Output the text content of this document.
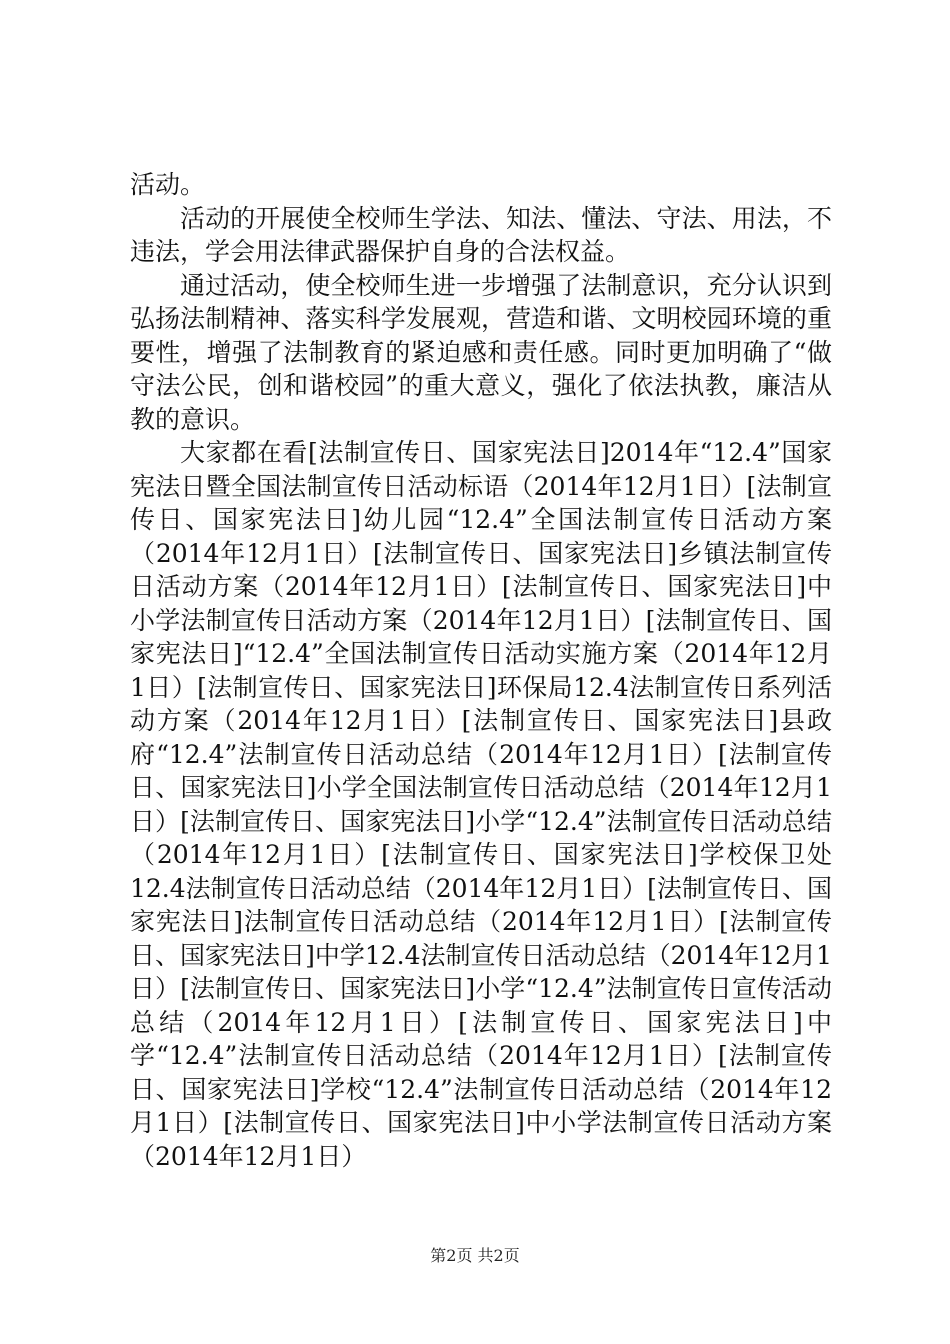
活动。

活动的开展使全校师生学法、知法、懂法、守法、用法，不违法，学会用法律武器保护自身的合法权益。

通过活动，使全校师生进一步增强了法制意识，充分认识到弘扬法制精神、落实科学发展观，营造和谐、文明校园环境的重要性，增强了法制教育的紧迫感和责任感。同时更加明确了“做守法公民，创和谐校园”的重大意义，强化了依法执教，廉洁从教的意识。

大家都在看[法制宣传日、国家宪法日]2014年“12.4”国家宪法日暨全国法制宣传日活动标语（2014年12月1日）[法制宣传日、国家宪法日]幼儿园“12.4”全国法制宣传日活动方案（2014年12月1日）[法制宣传日、国家宪法日]乡镇法制宣传日活动方案（2014年12月1日）[法制宣传日、国家宪法日]中小学法制宣传日活动方案（2014年12月1日）[法制宣传日、国家宪法日]“12.4”全国法制宣传日活动实施方案（2014年12月1日）[法制宣传日、国家宪法日]环保局12.4法制宣传日系列活动方案（2014年12月1日）[法制宣传日、国家宪法日]县政府“12.4”法制宣传日活动总结（2014年12月1日）[法制宣传日、国家宪法日]小学全国法制宣传日活动总结（2014年12月1日）[法制宣传日、国家宪法日]小学“12.4”法制宣传日活动总结（2014年12月1日）[法制宣传日、国家宪法日]学校保卫处12.4法制宣传日活动总结（2014年12月1日）[法制宣传日、国家宪法日]法制宣传日活动总结（2014年12月1日）[法制宣传日、国家宪法日]中学12.4法制宣传日活动总结（2014年12月1日）[法制宣传日、国家宪法日]小学“12.4”法制宣传日宣传活动总结（2014年12月1日）[法制宣传日、国家宪法日]中学“12.4”法制宣传日活动总结（2014年12月1日）[法制宣传日、国家宪法日]学校“12.4”法制宣传日活动总结（2014年12月1日）[法制宣传日、国家宪法日]中小学法制宣传日活动方案（2014年12月1日）

第2页 共2页
